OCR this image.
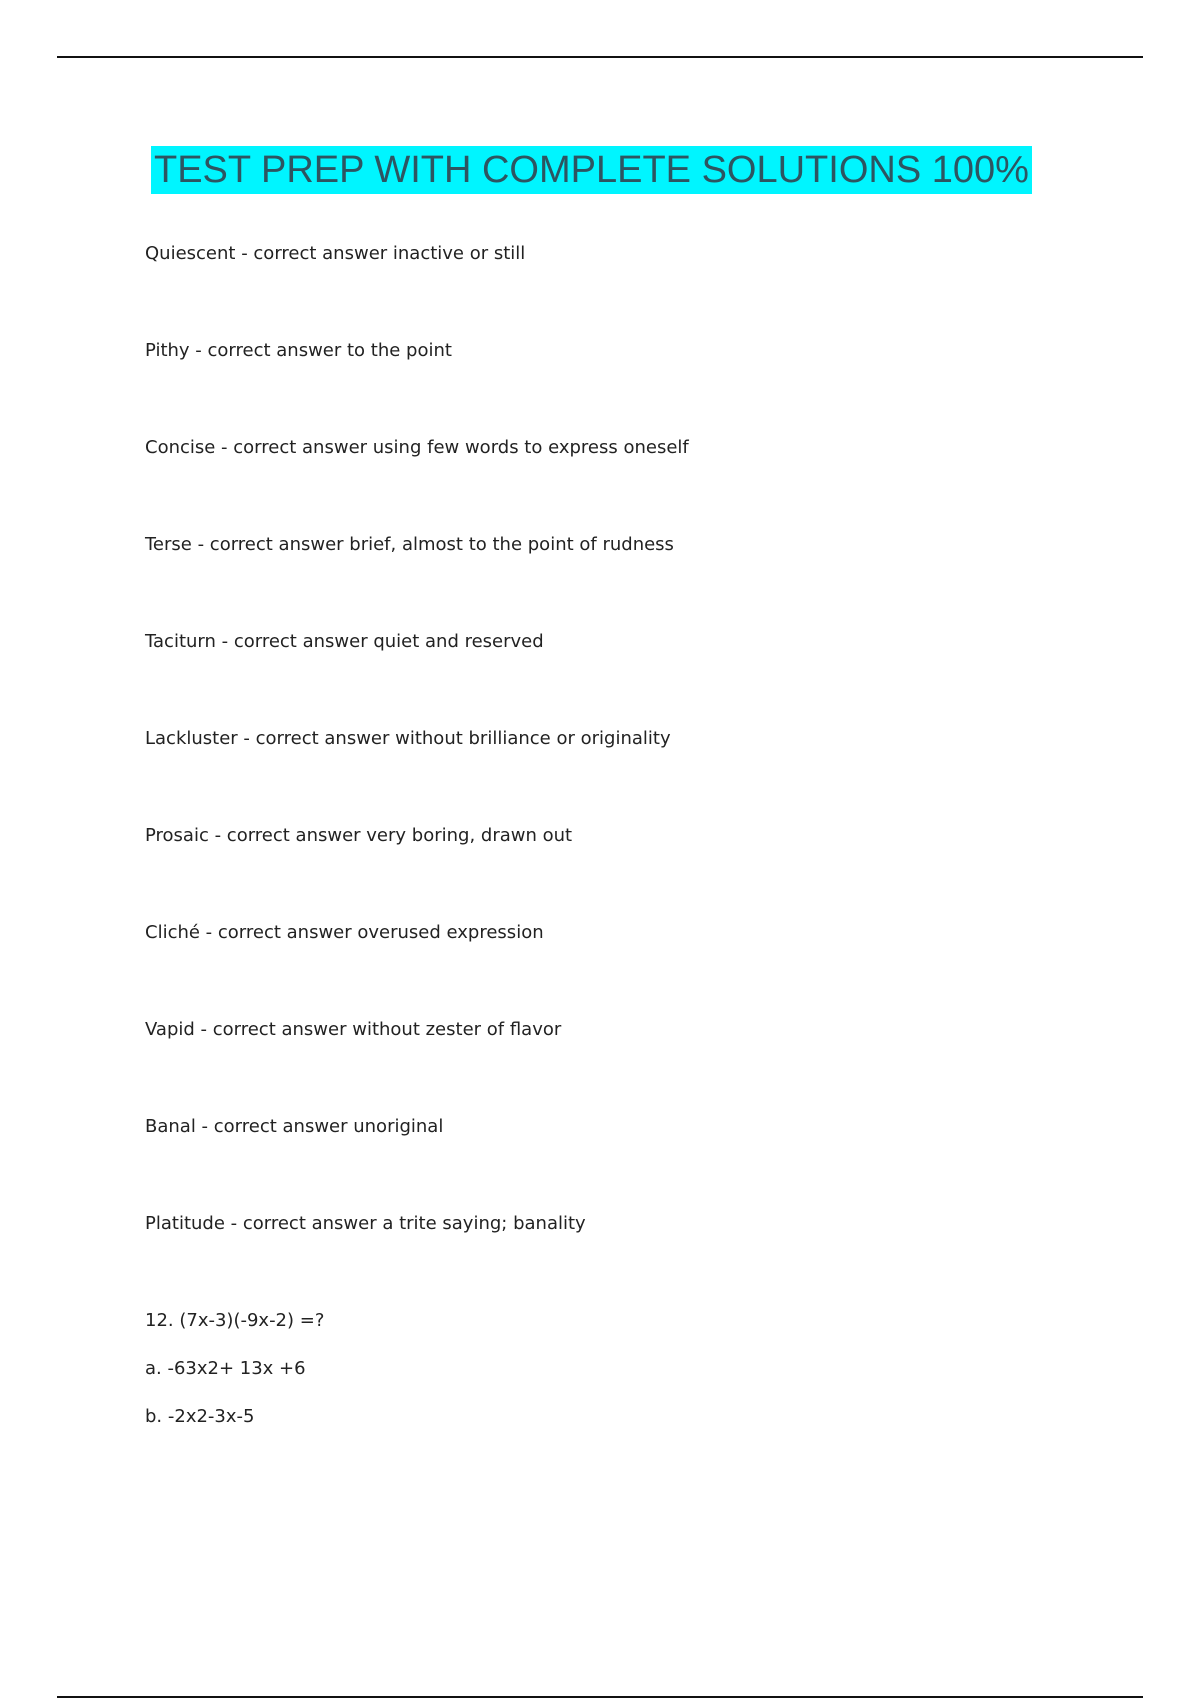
TEST PREP WITH COMPLETE SOLUTIONS 100%
Quiescent - correct answer inactive or still
Pithy - correct answer to the point
Concise - correct answer using few words to express oneself
Terse - correct answer brief, almost to the point of rudness
Taciturn - correct answer quiet and reserved
Lackluster - correct answer without brilliance or originality
Prosaic - correct answer very boring, drawn out
Cliché - correct answer overused expression
Vapid - correct answer without zester of flavor
Banal - correct answer unoriginal
Platitude - correct answer a trite saying; banality
12. (7x-3)(-9x-2) =?
a. -63x2+ 13x +6
b. -2x2-3x-5
